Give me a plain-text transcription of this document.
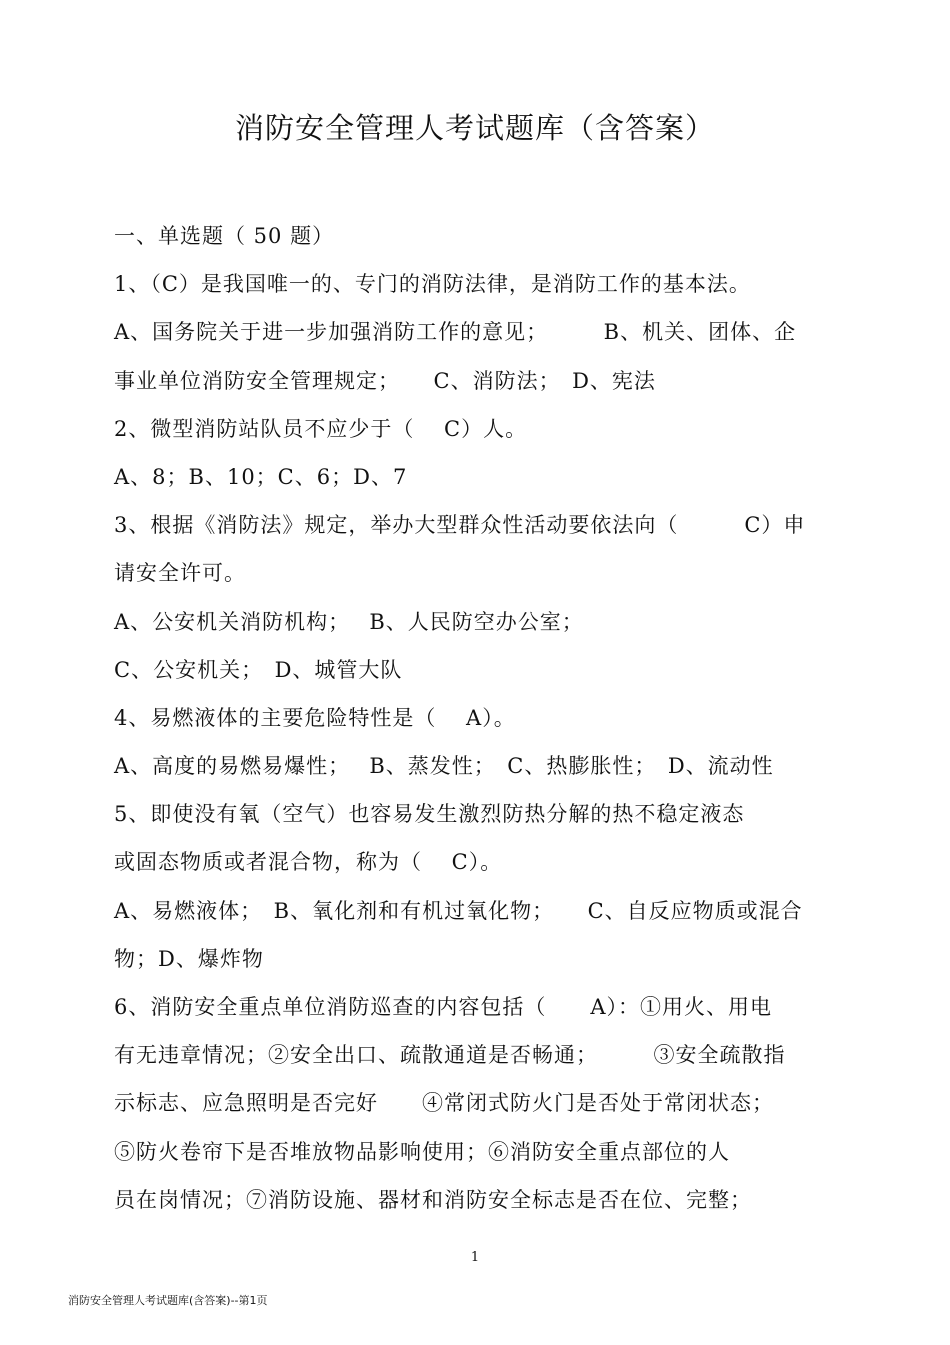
消防安全管理人考试题库（含答案）
一、单选题（ 50 题）
1、（C）是我国唯一的、专门的消防法律，是消防工作的基本法。
A、国务院关于进一步加强消防工作的意见；　　　B、机关、团体、企
事业单位消防安全管理规定；　　C、消防法；　D、宪法
2、微型消防站队员不应少于（　 C）人。
A、8；B、10；C、6；D、7
3、根据《消防法》规定，举办大型群众性活动要依法向（　　　C）申
请安全许可。
A、公安机关消防机构；　 B、人民防空办公室；
C、公安机关；　D、城管大队
4、易燃液体的主要危险特性是（　 A）。
A、高度的易燃易爆性；　 B、蒸发性；　C、热膨胀性；　D、流动性
5、即使没有氧（空气）也容易发生激烈防热分解的热不稳定液态
或固态物质或者混合物，称为（　 C）。
A、易燃液体；　B、氧化剂和有机过氧化物；　　C、自反应物质或混合
物；D、爆炸物
6、消防安全重点单位消防巡查的内容包括（　　A）：①用火、用电
有无违章情况；②安全出口、疏散通道是否畅通；　　　③安全疏散指
示标志、应急照明是否完好　　④常闭式防火门是否处于常闭状态；
⑤防火卷帘下是否堆放物品影响使用；⑥消防安全重点部位的人
员在岗情况；⑦消防设施、器材和消防安全标志是否在位、完整；
1
消防安全管理人考试题库(含答案)--第1页
